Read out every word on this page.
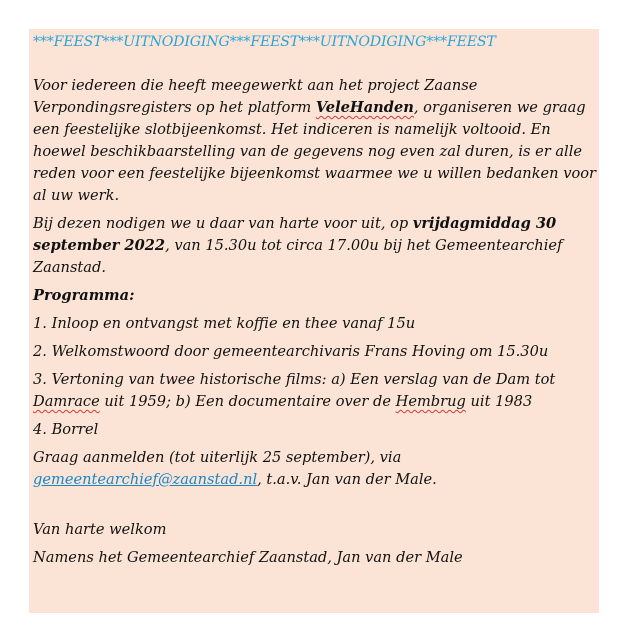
***FEEST***UITNODIGING***FEEST***UITNODIGING***FEEST

Voor iedereen die heeft meegewerkt aan het project Zaanse Verpondingsregisters op het platform VeleHanden, organiseren we graag een feestelijke slotbijeenkomst. Het indiceren is namelijk voltooid. En hoewel beschikbaarstelling van de gegevens nog even zal duren, is er alle reden voor een feestelijke bijeenkomst waarmee we u willen bedanken voor al uw werk.

Bij dezen nodigen we u daar van harte voor uit, op vrijdagmiddag 30 september 2022, van 15.30u tot circa 17.00u bij het Gemeentearchief Zaanstad.

Programma:

1. Inloop en ontvangst met koffie en thee vanaf 15u

2. Welkomstwoord door gemeentearchivaris Frans Hoving om 15.30u

3. Vertoning van twee historische films: a) Een verslag van de Dam tot Damrace uit 1959; b) Een documentaire over de Hembrug uit 1983

4. Borrel

Graag aanmelden (tot uiterlijk 25 september), via gemeentearchief@zaanstad.nl, t.a.v. Jan van der Male.

Van harte welkom

Namens het Gemeentearchief Zaanstad, Jan van der Male
